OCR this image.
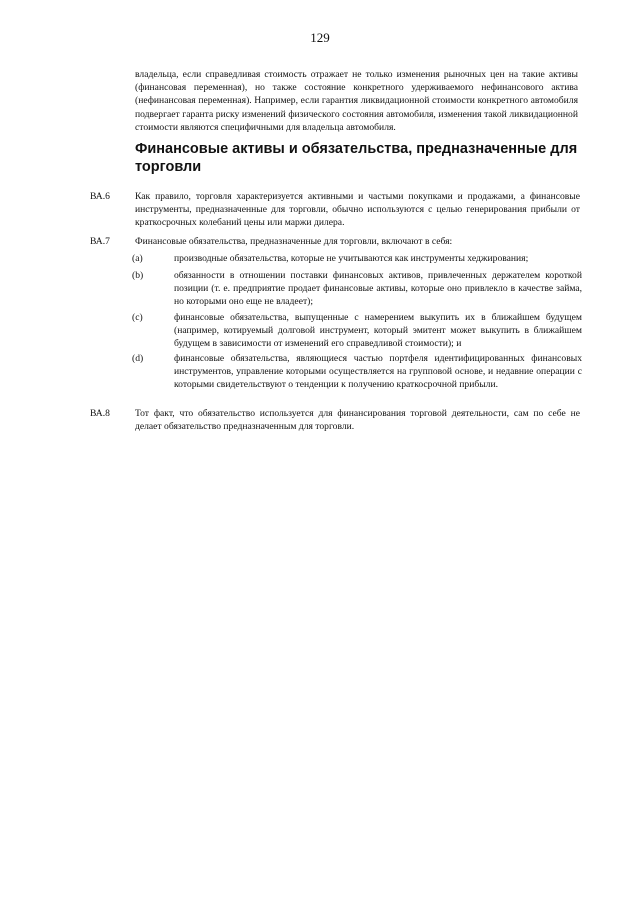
129
владельца, если справедливая стоимость отражает не только изменения рыночных цен на такие активы (финансовая переменная), но также состояние конкретного удерживаемого нефинансового актива (нефинансовая переменная). Например, если гарантия ликвидационной стоимости конкретного автомобиля подвергает гаранта риску изменений физического состояния автомобиля, изменения такой ликвидационной стоимости являются специфичными для владельца автомобиля.
Финансовые активы и обязательства, предназначенные для торговли
ВА.6	Как правило, торговля характеризуется активными и частыми покупками и продажами, а финансовые инструменты, предназначенные для торговли, обычно используются с целью генерирования прибыли от краткосрочных колебаний цены или маржи дилера.
ВА.7	Финансовые обязательства, предназначенные для торговли, включают в себя:
(a)	производные обязательства, которые не учитываются как инструменты хеджирования;
(b)	обязанности в отношении поставки финансовых активов, привлеченных держателем короткой позиции (т. е. предприятие продает финансовые активы, которые оно привлекло в качестве займа, но которыми оно еще не владеет);
(c)	финансовые обязательства, выпущенные с намерением выкупить их в ближайшем будущем (например, котируемый долговой инструмент, который эмитент может выкупить в ближайшем будущем в зависимости от изменений его справедливой стоимости); и
(d)	финансовые обязательства, являющиеся частью портфеля идентифицированных финансовых инструментов, управление которыми осуществляется на групповой основе, и недавние операции с которыми свидетельствуют о тенденции к получению краткосрочной прибыли.
ВА.8	Тот факт, что обязательство используется для финансирования торговой деятельности, сам по себе не делает обязательство предназначенным для торговли.
